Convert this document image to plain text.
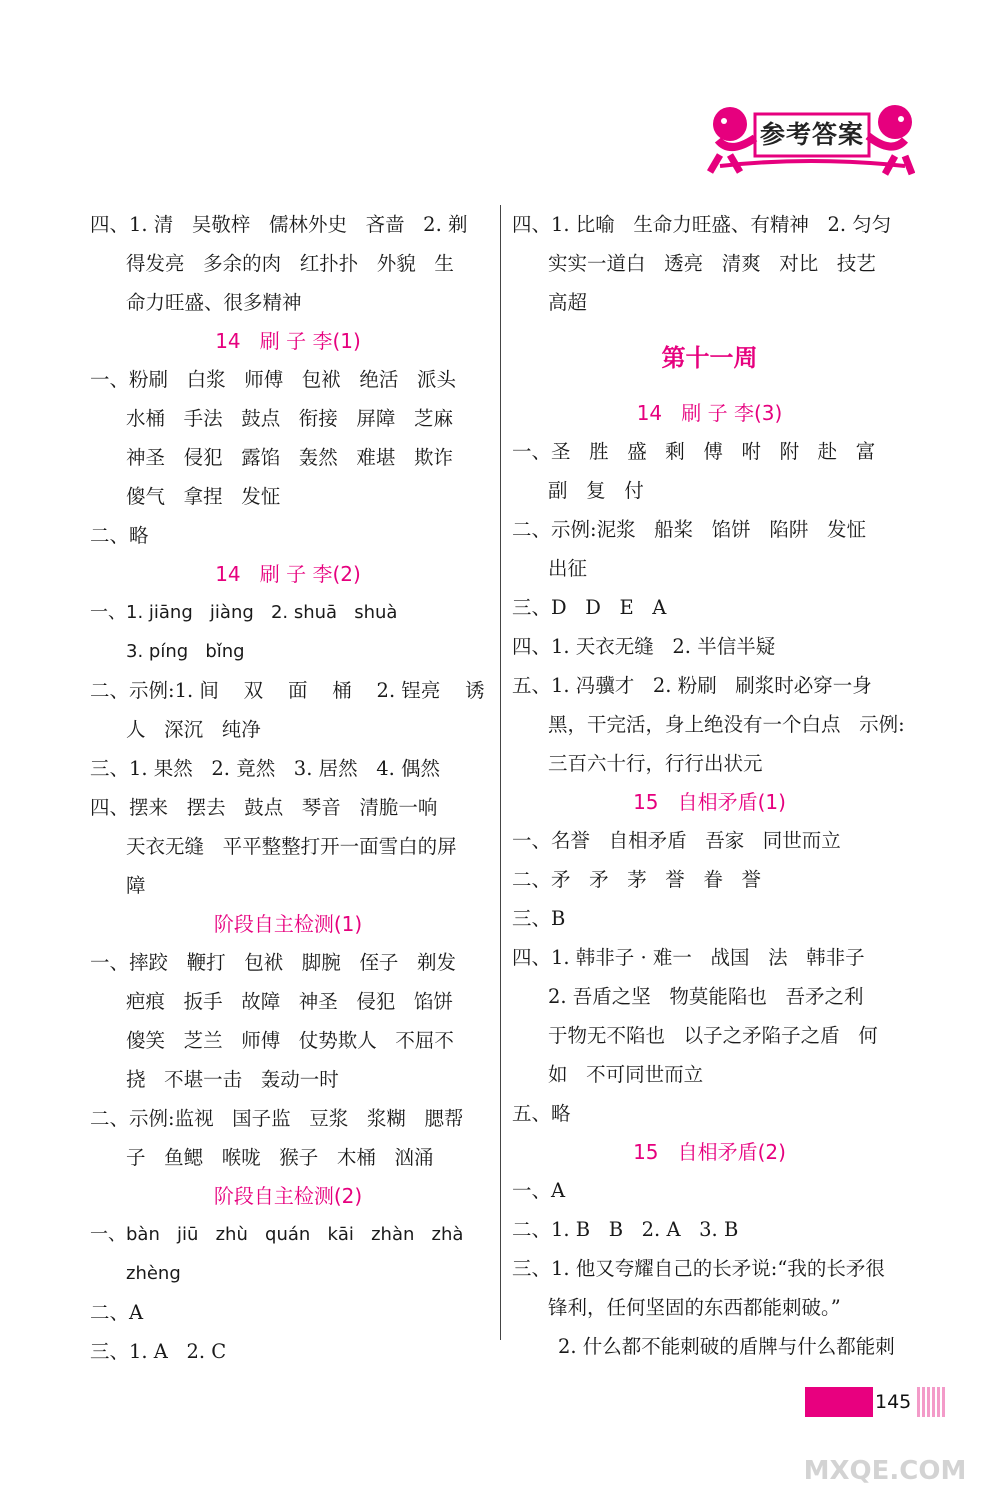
参考答案
四、1. 清   吴敬梓   儒林外史   吝啬   2. 剃
得发亮   多余的肉   红扑扑   外貌   生
命力旺盛、很多精神
14   刷 子 李(1)
一、粉刷   白浆   师傅   包袱   绝活   派头
水桶   手法   鼓点   衔接   屏障   芝麻
神圣   侵犯   露馅   轰然   难堪   欺诈
傻气   拿捏   发怔
二、略
14   刷 子 李(2)
一、1. jiāng   jiàng   2. shuā   shuà
3. píng   bǐng
二、示例:1. 间    双    面    桶    2. 锃亮    诱
人   深沉   纯净
三、1. 果然   2. 竟然   3. 居然   4. 偶然
四、摆来   摆去   鼓点   琴音   清脆一响
天衣无缝   平平整整打开一面雪白的屏
障
阶段自主检测(1)
一、摔跤   鞭打   包袱   脚腕   侄子   剃发
疤痕   扳手   故障   神圣   侵犯   馅饼
傻笑   芝兰   师傅   仗势欺人   不屈不
挠   不堪一击   轰动一时
二、示例:监视   国子监   豆浆   浆糊   腮帮
子   鱼鳃   喉咙   猴子   木桶   汹涌
阶段自主检测(2)
一、bàn   jiū   zhù   quán   kāi   zhàn   zhà
zhèng
二、A
三、1. A   2. C
四、1. 比喻   生命力旺盛、有精神   2. 匀匀
实实一道白   透亮   清爽   对比   技艺
高超
第十一周
14   刷 子 李(3)
一、圣   胜   盛   剩   傅   咐   附   赴   富
副   复   付
二、示例:泥浆   船桨   馅饼   陷阱   发怔
出征
三、D   D   E   A
四、1. 天衣无缝   2. 半信半疑
五、1. 冯骥才   2. 粉刷   刷浆时必穿一身
黑，干完活，身上绝没有一个白点   示例:
三百六十行，行行出状元
15   自相矛盾(1)
一、名誉   自相矛盾   吾家   同世而立
二、矛   矛   茅   誉   眷   誉
三、B
四、1. 韩非子 · 难一   战国   法   韩非子
2. 吾盾之坚   物莫能陷也   吾矛之利
于物无不陷也   以子之矛陷子之盾   何
如   不可同世而立
五、略
15   自相矛盾(2)
一、A
二、1. B   B   2. A   3. B
三、1. 他又夸耀自己的长矛说:“我的长矛很
锋利，任何坚固的东西都能刺破。”
2. 什么都不能刺破的盾牌与什么都能刺
145
MXQE.COM
